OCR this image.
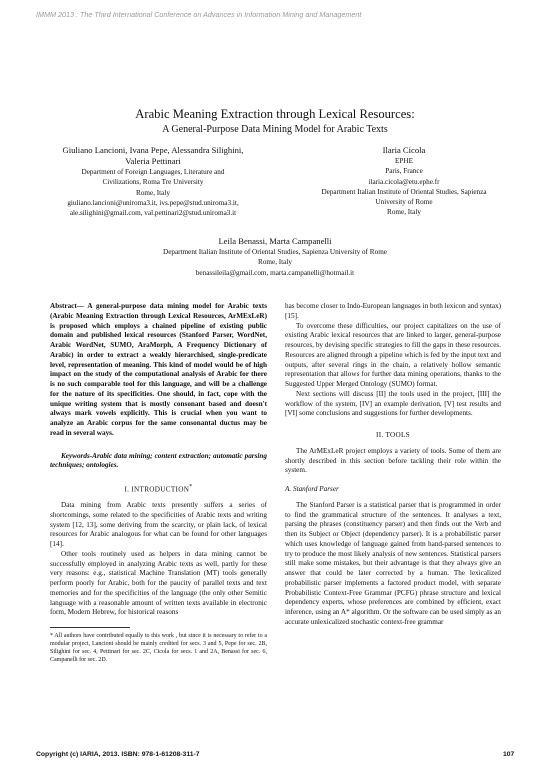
IMMM 2013 : The Third International Conference on Advances in Information Mining and Management
Arabic Meaning Extraction through Lexical Resources:
A General-Purpose Data Mining Model for Arabic Texts
Giuliano Lancioni, Ivana Pepe, Alessandra Silighini,
Valeria Pettinari
Department of Foreign Languages, Literature and
Civilizations, Roma Tre University
Rome, Italy
giuliano.lancioni@uniroma3.it, ivs.pepe@stud.uniroma3.it,
ale.silighini@gmail.com, val.pettinari2@stud.uniroma3.it
Ilaria Cicola
EPHE
Paris, France
ilaria.cicola@etu.ephe.fr
Department Italian Institute of Oriental Studies, Sapienza
University of Rome
Rome, Italy
Leila Benassi, Marta Campanelli
Department Italian Institute of Oriental Studies, Sapienza University of Rome
Rome, Italy
benassileila@gmail.com, marta.campanelli@hotmail.it

Abstract— A general-purpose data mining model for Arabic texts (Arabic Meaning Extraction through Lexical Resources, ArMExLeR) is proposed which employs a chained pipeline of existing public domain and published lexical resources (Stanford Parser, WordNet, Arabic WordNet, SUMO, AraMorph, A Frequency Dictionary of Arabic) in order to extract a weakly hierarchised, single-predicate level, representation of meaning. This kind of model would be of high impact on the study of the computational analysis of Arabic for there is no such comparable tool for this language, and will be a challenge for the nature of its specificities. One should, in fact, cope with the unique writing system that is mostly consonant based and doesn't always mark vowels explicitly. This is crucial when you want to analyze an Arabic corpus for the same consonantal ductus may be read in several ways.

Keywords-Arabic data mining; content extraction; automatic parsing techniques; ontologies.

I. INTRODUCTION*

Data mining from Arabic texts presently suffers a series of shortcomings, some related to the specificities of Arabic texts and writing system [12, 13], some deriving from the scarcity, or plain lack, of lexical resources for Arabic analogous for what can be found for other languages [14].

Other tools routinely used as helpers in data mining cannot be successfully employed in analyzing Arabic texts as well, partly for these very reasons: e.g., statistical Machine Translation (MT) tools generally perform poorly for Arabic, both for the paucity of parallel texts and text memories and for the specificities of the language (the only other Semitic language with a reasonable amount of written texts available in electronic form, Modern Hebrew, for historical reasons

* All authors have contributed equally to this work , but since it is necessary to refer to a modular project, Lancioni should be mainly credited for secs. 3 and 5, Pepe for sec. 2B, Silighini for sec. 4, Pettinari for sec. 2C, Cicola for secs. 1 and 2A, Benassi for sec. 6, Campanelli for sec. 2D.

has become closer to Indo-European languages in both lexicon and syntax) [15].

To overcome these difficulties, our project capitalizes on the use of existing Arabic lexical resources that are linked to larger, general-purpose resources, by devising specific strategies to fill the gaps in these resources. Resources are aligned through a pipeline which is fed by the input text and outputs, after several rings in the chain, a relatively hollow semantic representation that allows for further data mining operations, thanks to the Suggested Upper Merged Ontology (SUMO) format.

Next sections will discuss [II] the tools used in the project, [III] the workflow of the system, [IV] an example derivation, [V] test results and [VI] some conclusions and suggestions for further developments.

II. TOOLS

The ArMExLeR project employs a variety of tools. Some of them are shortly described in this section before tackling their role within the system.

A. Stanford Parser

The Stanford Parser is a statistical parser that is programmed in order to find the grammatical structure of the sentences. It analyses a text, parsing the phrases (constituency parser) and then finds out the Verb and then its Subject or Object (dependency parser). It is a probabilistic parser which uses knowledge of language gained from hand-parsed sentences to try to produce the most likely analysis of new sentences. Statistical parsers still make some mistakes, but their advantage is that they always give an answer that could be later corrected by a human. The lexicalized probabilistic parser implements a factored product model, with separate Probabilistic Context-Free Grammar (PCFG) phrase structure and lexical dependency experts, whose preferences are combined by efficient, exact inference, using an A* algorithm. Or the software can be used simply as an accurate unlexicalized stochastic context-free grammar

Copyright (c) IARIA, 2013. ISBN: 978-1-61208-311-7	107
